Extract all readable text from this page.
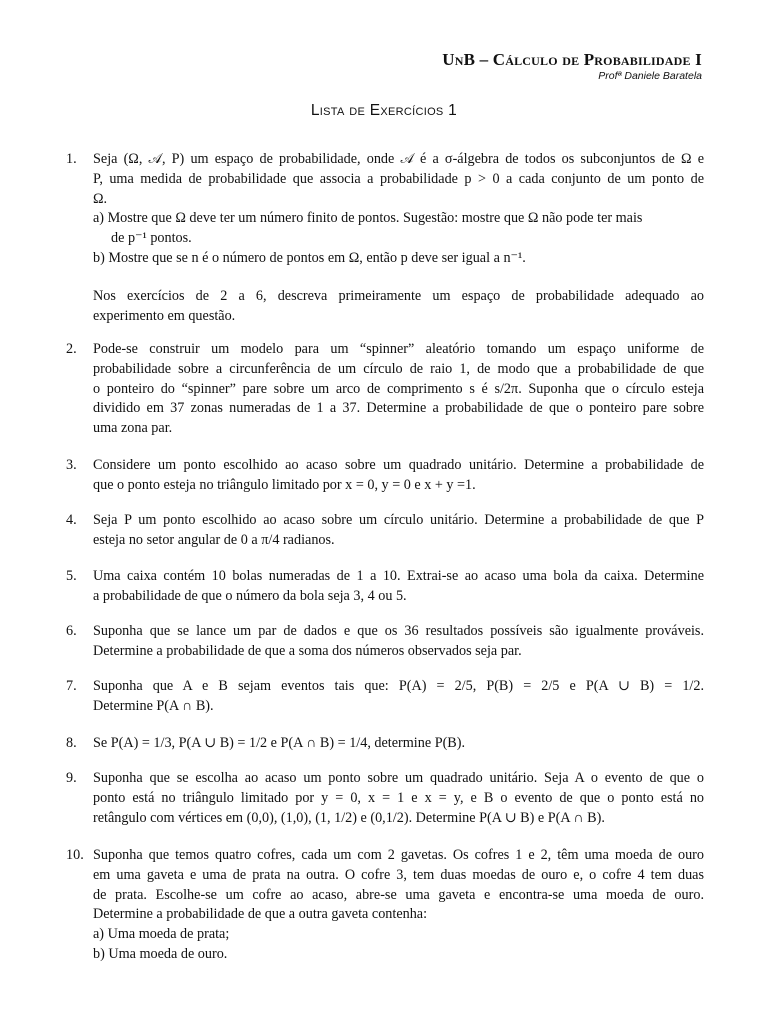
UnB – Cálculo de Probabilidade I
Profª Daniele Baratela
Lista de Exercícios 1
1. Seja (Ω, 𝒜, P) um espaço de probabilidade, onde 𝒜 é a σ-álgebra de todos os subconjuntos de Ω e
P, uma medida de probabilidade que associa a probabilidade p > 0 a cada conjunto de um ponto de
Ω.
a) Mostre que Ω deve ter um número finito de pontos. Sugestão: mostre que Ω não pode ter mais
de p⁻¹ pontos.
b) Mostre que se n é o número de pontos em Ω, então p deve ser igual a n⁻¹.
Nos exercícios de 2 a 6, descreva primeiramente um espaço de probabilidade adequado ao
experimento em questão.
2. Pode-se construir um modelo para um “spinner” aleatório tomando um espaço uniforme de
probabilidade sobre a circunferência de um círculo de raio 1, de modo que a probabilidade de que
o ponteiro do “spinner” pare sobre um arco de comprimento s é s/2π. Suponha que o círculo esteja
dividido em 37 zonas numeradas de 1 a 37. Determine a probabilidade de que o ponteiro pare sobre
uma zona par.
3. Considere um ponto escolhido ao acaso sobre um quadrado unitário. Determine a probabilidade de
que o ponto esteja no triângulo limitado por x = 0, y = 0 e x + y =1.
4. Seja P um ponto escolhido ao acaso sobre um círculo unitário. Determine a probabilidade de que P
esteja no setor angular de 0 a π/4 radianos.
5. Uma caixa contém 10 bolas numeradas de 1 a 10. Extrai-se ao acaso uma bola da caixa. Determine
a probabilidade de que o número da bola seja 3, 4 ou 5.
6. Suponha que se lance um par de dados e que os 36 resultados possíveis são igualmente prováveis.
Determine a probabilidade de que a soma dos números observados seja par.
7. Suponha que A e B sejam eventos tais que: P(A) = 2/5, P(B) = 2/5 e P(A ∪ B) = 1/2.
Determine P(A ∩ B).
8. Se P(A) = 1/3, P(A ∪ B) = 1/2 e P(A ∩ B) = 1/4, determine P(B).
9. Suponha que se escolha ao acaso um ponto sobre um quadrado unitário. Seja A o evento de que o
ponto está no triângulo limitado por y = 0, x = 1 e x = y, e B o evento de que o ponto está no
retângulo com vértices em (0,0), (1,0), (1, 1/2) e (0,1/2). Determine P(A ∪ B) e P(A ∩ B).
10. Suponha que temos quatro cofres, cada um com 2 gavetas. Os cofres 1 e 2, têm uma moeda de ouro
em uma gaveta e uma de prata na outra. O cofre 3, tem duas moedas de ouro e, o cofre 4 tem duas
de prata. Escolhe-se um cofre ao acaso, abre-se uma gaveta e encontra-se uma moeda de ouro.
Determine a probabilidade de que a outra gaveta contenha:
a) Uma moeda de prata;
b) Uma moeda de ouro.
